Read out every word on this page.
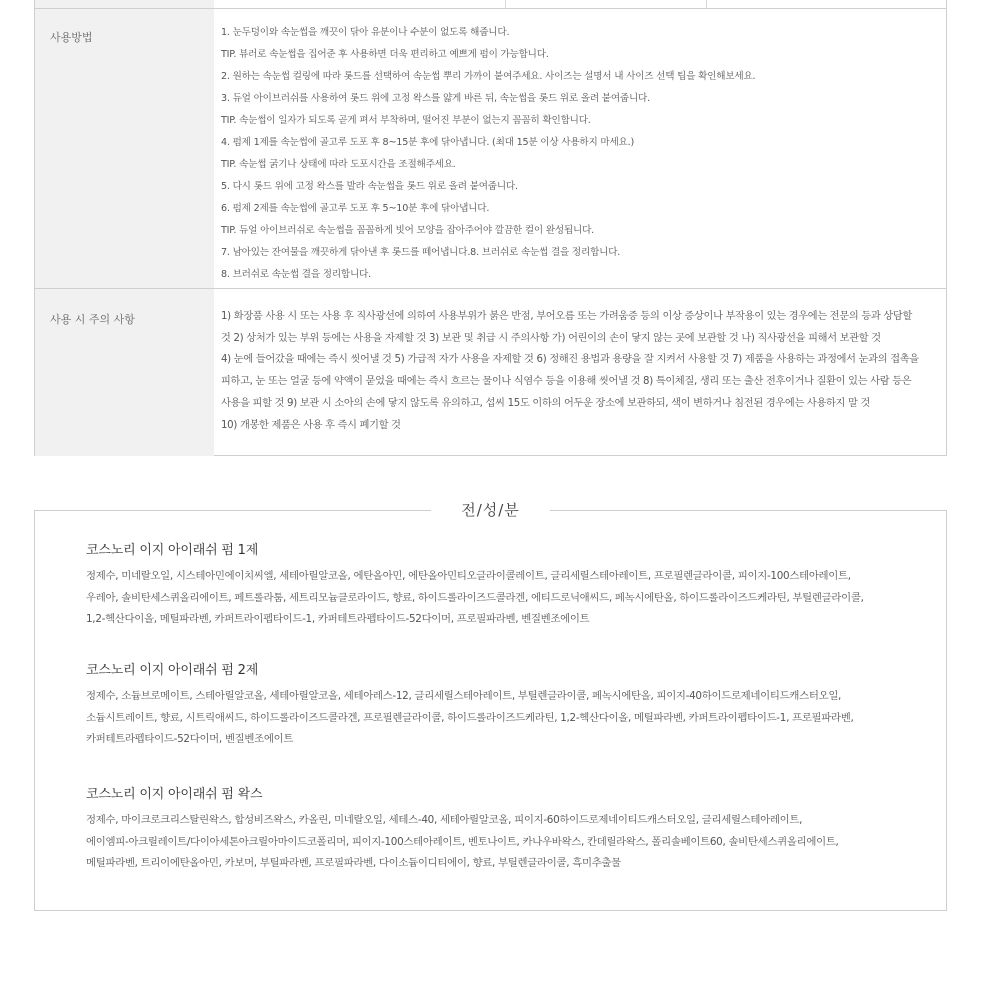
사용방법	1. 눈두덩이와 속눈썹을 깨끗이 닦아 유분이나 수분이 없도록 해줍니다.
TIP. 뷰러로 속눈썹을 집어준 후 사용하면 더욱 편리하고 예쁘게 펌이 가능합니다.
2. 원하는 속눈썹 컬링에 따라 롯드를 선택하여 속눈썹 뿌리 가까이 붙여주세요. 사이즈는 설명서 내 사이즈 선택 팁을 확인해보세요.
3. 듀얼 아이브러쉬를 사용하여 롯드 위에 고정 왁스를 얇게 바른 뒤, 속눈썹을 롯드 위로 올려 붙여줍니다.
TIP. 속눈썹이 일자가 되도록 곧게 펴서 부착하며, 떨어진 부분이 없는지 꼼꼼히 확인합니다.
4. 펌제 1제를 속눈썹에 골고루 도포 후 8~15분 후에 닦아냅니다. (최대 15분 이상 사용하지 마세요.)
TIP. 속눈썹 굵기나 상태에 따라 도포시간을 조절해주세요.
5. 다시 롯드 위에 고정 왁스를 발라 속눈썹을 롯드 위로 올려 붙여줍니다.
6. 펌제 2제를 속눈썹에 골고루 도포 후 5~10분 후에 닦아냅니다.
TIP. 듀얼 아이브러쉬로 속눈썹을 꼼꼼하게 빗어 모양을 잡아주어야 깔끔한 컬이 완성됩니다.
7. 남아있는 잔여물을 깨끗하게 닦아낸 후 롯드를 떼어냅니다.8. 브러쉬로 속눈썹 결을 정리합니다.
8. 브러쉬로 속눈썹 결을 정리합니다.
사용 시 주의 사항	1) 화장품 사용 시 또는 사용 후 직사광선에 의하여 사용부위가 붉은 반점, 부어오름 또는 가려움증 등의 이상 증상이나 부작용이 있는 경우에는 전문의 등과 상담할
것 2) 상처가 있는 부위 등에는 사용을 자제할 것 3) 보관 및 취급 시 주의사항 가) 어린이의 손이 닿지 않는 곳에 보관할 것 나) 직사광선을 피해서 보관할 것
4) 눈에 들어갔을 때에는 즉시 씻어낼 것 5) 가급적 자가 사용을 자제할 것 6) 정해진 용법과 용량을 잘 지켜서 사용할 것 7) 제품을 사용하는 과정에서 눈과의 접촉을
피하고, 눈 또는 얼굴 등에 약액이 묻었을 때에는 즉시 흐르는 물이나 식염수 등을 이용해 씻어낼 것 8) 특이체질, 생리 또는 출산 전후이거나 질환이 있는 사람 등은
사용을 피할 것 9) 보관 시 소아의 손에 닿지 않도록 유의하고, 섭씨 15도 이하의 어두운 장소에 보관하되, 색이 변하거나 침전된 경우에는 사용하지 말 것
10) 개봉한 제품은 사용 후 즉시 폐기할 것
코스노리 이지 아이래쉬 펌 1제
정제수, 미네랄오일, 시스테아민에이치씨엘, 세테아릴알코올, 에탄올아민, 에탄올아민티오글라이콜레이트, 글리세릴스테아레이트, 프로필렌글라이콜, 피이지-100스테아레이트,
우레아, 솔비탄세스퀴올리에이트, 페트롤라툼, 세트리모늄클로라이드, 향료, 하이드롤라이즈드콜라겐, 에티드로닉애씨드, 페녹시에탄올, 하이드롤라이즈드케라틴, 부틸렌글라이콜,
1,2-헥산다이올, 메틸파라벤, 카퍼트라이펩타이드-1, 카퍼테트라펩타이드-52다이머, 프로필파라벤, 벤질벤조에이트
코스노리 이지 아이래쉬 펌 2제
정제수, 소듐브로메이트, 스테아릴알코올, 세테아릴알코올, 세테아레스-12, 글리세릴스테아레이트, 부틸렌글라이콜, 페녹시에탄올, 피이지-40하이드로제네이티드캐스터오일,
소듐시트레이트, 향료, 시트릭애씨드, 하이드롤라이즈드콜라겐, 프로필렌글라이콜, 하이드롤라이즈드케라틴, 1,2-헥산다이올, 메틸파라벤, 카퍼트라이펩타이드-1, 프로필파라벤,
카퍼테트라펩타이드-52다이머, 벤질벤조에이트
코스노리 이지 아이래쉬 펌 왁스
정제수, 마이크로크리스탈린왁스, 합성비즈왁스, 카올린, 미네랄오일, 세테스-40, 세테아릴알코올, 피이지-60하이드로제네이티드캐스터오일, 글리세릴스테아레이트,
에이엠피-아크릴레이트/다이아세톤아크릴아마이드코폴리머, 피이지-100스테아레이트, 벤토나이트, 카나우바왁스, 칸데릴라왁스, 폴리솔베이트60, 솔비탄세스퀴올리에이트,
메틸파라벤, 트리이에탄올아민, 카보머, 부틸파라벤, 프로필파라벤, 다이소듐이디티에이, 향료, 부틸렌글라이콜, 흑미추출물
전/성/분
